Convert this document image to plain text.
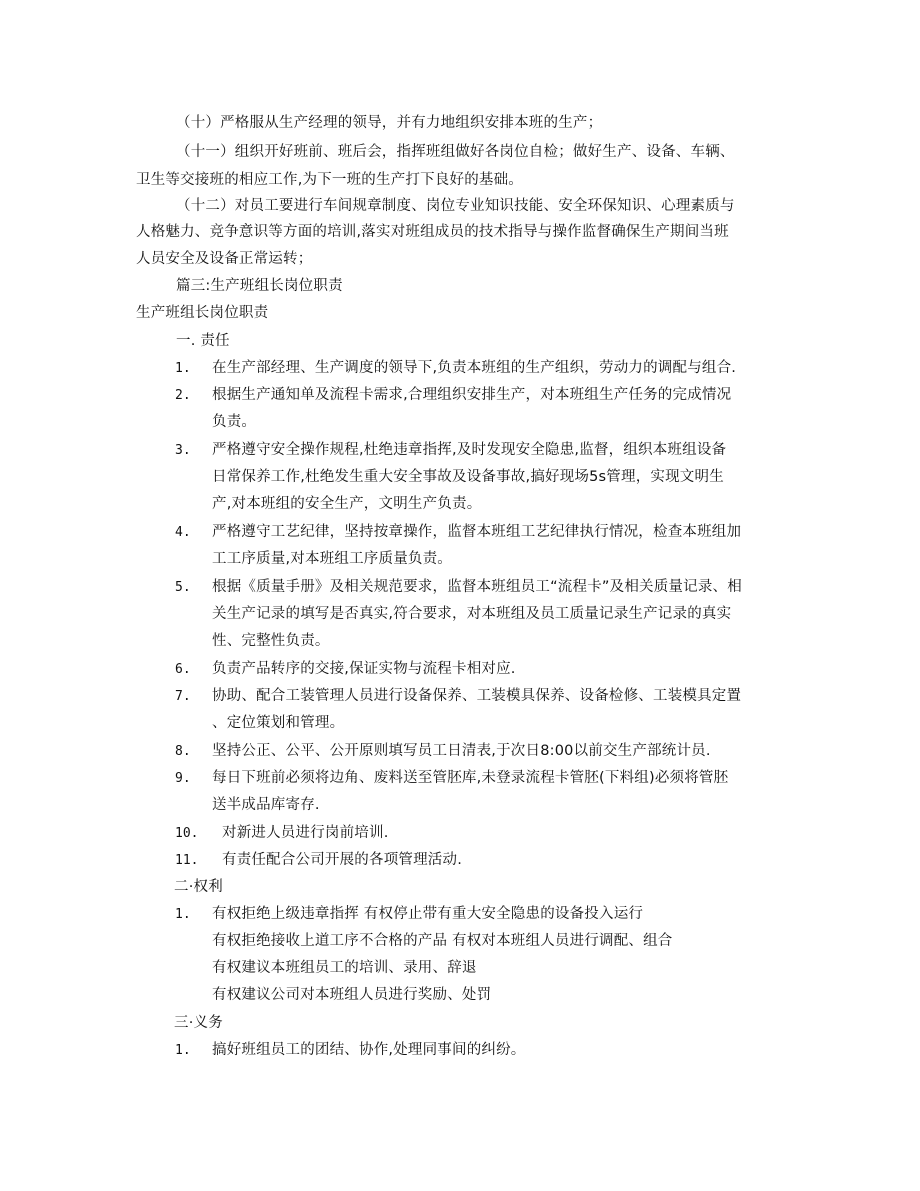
（十）严格服从生产经理的领导，并有力地组织安排本班的生产；
（十一）组织开好班前、班后会，指挥班组做好各岗位自检；做好生产、设备、车辆、
卫生等交接班的相应工作,为下一班的生产打下良好的基础。
（十二）对员工要进行车间规章制度、岗位专业知识技能、安全环保知识、心理素质与
人格魅力、竞争意识等方面的培训,落实对班组成员的技术指导与操作监督确保生产期间当班
人员安全及设备正常运转；
篇三:生产班组长岗位职责
生产班组长岗位职责
一. 责任
1. 在生产部经理、生产调度的领导下,负责本班组的生产组织，劳动力的调配与组合.
2. 根据生产通知单及流程卡需求,合理组织安排生产，对本班组生产任务的完成情况
负责。
3. 严格遵守安全操作规程,杜绝违章指挥,及时发现安全隐患,监督，组织本班组设备
日常保养工作,杜绝发生重大安全事故及设备事故,搞好现场5s管理，实现文明生
产,对本班组的安全生产，文明生产负责。
4. 严格遵守工艺纪律，坚持按章操作，监督本班组工艺纪律执行情况，检查本班组加
工工序质量,对本班组工序质量负责。
5. 根据《质量手册》及相关规范要求，监督本班组员工“流程卡”及相关质量记录、相
关生产记录的填写是否真实,符合要求，对本班组及员工质量记录生产记录的真实
性、完整性负责。
6. 负责产品转序的交接,保证实物与流程卡相对应.
7. 协助、配合工装管理人员进行设备保养、工装模具保养、设备检修、工装模具定置
、定位策划和管理。
8. 坚持公正、公平、公开原则填写员工日清表,于次日8:00以前交生产部统计员.
9. 每日下班前必须将边角、废料送至管胚库,未登录流程卡管胚(下料组)必须将管胚
送半成品库寄存.
10. 对新进人员进行岗前培训.
11. 有责任配合公司开展的各项管理活动.
二·权利
1. 有权拒绝上级违章指挥 有权停止带有重大安全隐患的设备投入运行
有权拒绝接收上道工序不合格的产品 有权对本班组人员进行调配、组合
有权建议本班组员工的培训、录用、辞退
有权建议公司对本班组人员进行奖励、处罚
三·义务
1. 搞好班组员工的团结、协作,处理同事间的纠纷。
